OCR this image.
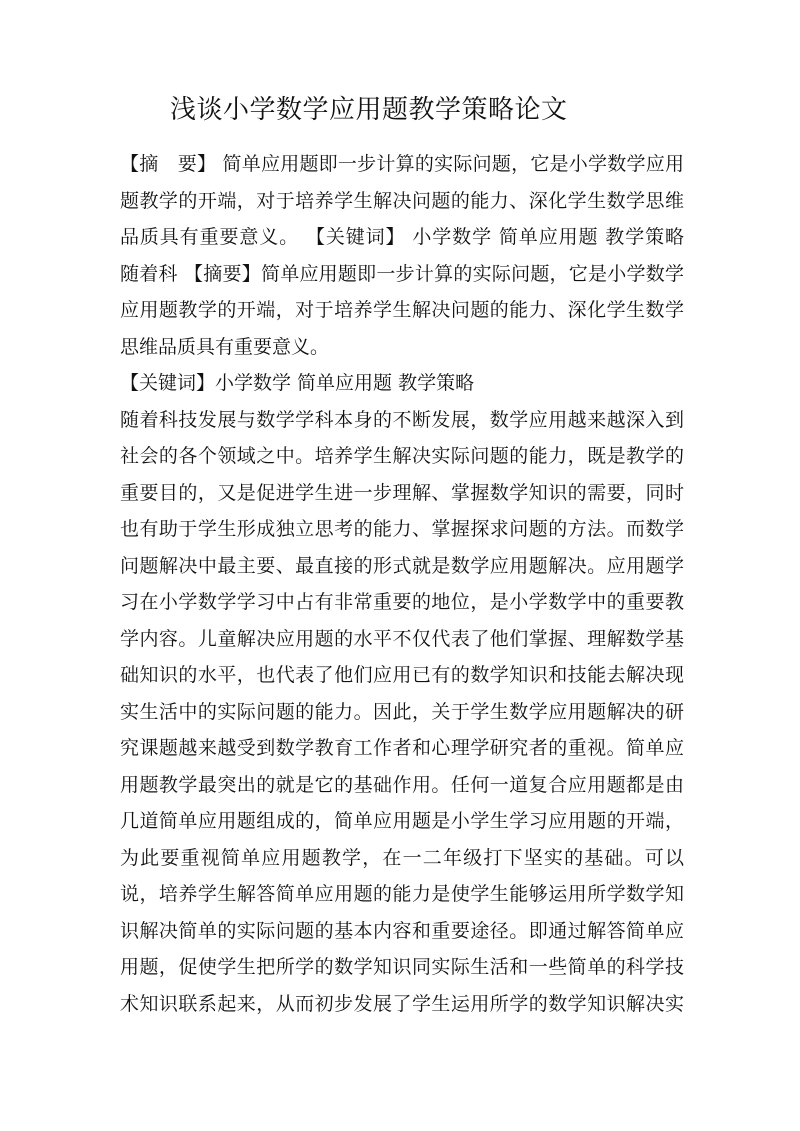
浅谈小学数学应用题教学策略论文
【摘　要】 简单应用题即一步计算的实际问题，它是小学数学应用
题教学的开端，对于培养学生解决问题的能力、深化学生数学思维
品质具有重要意义。 【关键词】 小学数学 简单应用题 教学策略
随着科 【摘要】简单应用题即一步计算的实际问题，它是小学数学
应用题教学的开端，对于培养学生解决问题的能力、深化学生数学
思维品质具有重要意义。
【关键词】小学数学 简单应用题 教学策略
随着科技发展与数学学科本身的不断发展，数学应用越来越深入到
社会的各个领域之中。培养学生解决实际问题的能力，既是教学的
重要目的，又是促进学生进一步理解、掌握数学知识的需要，同时
也有助于学生形成独立思考的能力、掌握探求问题的方法。而数学
问题解决中最主要、最直接的形式就是数学应用题解决。应用题学
习在小学数学学习中占有非常重要的地位，是小学数学中的重要教
学内容。儿童解决应用题的水平不仅代表了他们掌握、理解数学基
础知识的水平，也代表了他们应用已有的数学知识和技能去解决现
实生活中的实际问题的能力。因此，关于学生数学应用题解决的研
究课题越来越受到数学教育工作者和心理学研究者的重视。简单应
用题教学最突出的就是它的基础作用。任何一道复合应用题都是由
几道简单应用题组成的，简单应用题是小学生学习应用题的开端，
为此要重视简单应用题教学，在一二年级打下坚实的基础。可以
说，培养学生解答简单应用题的能力是使学生能够运用所学数学知
识解决简单的实际问题的基本内容和重要途径。即通过解答简单应
用题，促使学生把所学的数学知识同实际生活和一些简单的科学技
术知识联系起来，从而初步发展了学生运用所学的数学知识解决实
